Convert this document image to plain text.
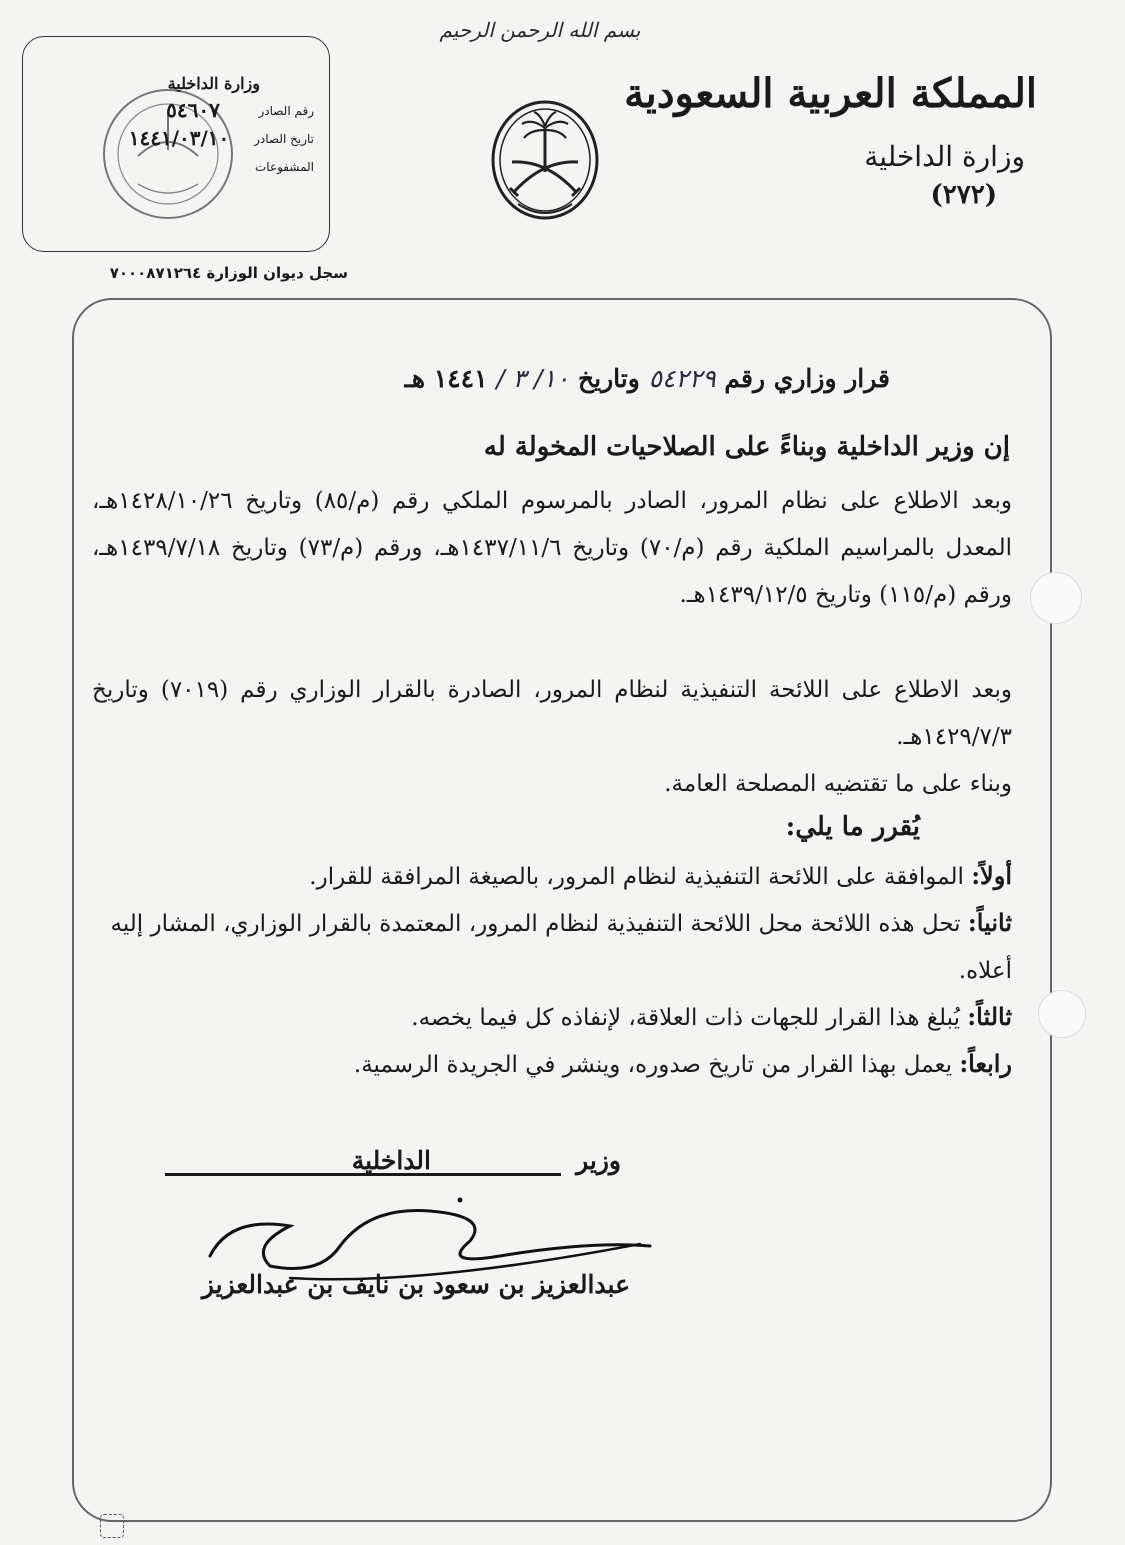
بسم الله الرحمن الرحيم
المملكة العربية السعودية
وزارة الداخلية
(٢٧٢)
وزارة الداخلية
رقم الصادر
تاريخ الصادر
المشفوعات
٥٤٦٠٧
١٤٤١/٠٣/١٠
سجل ديوان الوزارة ٧٠٠٠٨٧١٢٦٤
قرار وزاري رقم ٥٤٢٢٩ وتاريخ ١٠/ ٣ / ١٤٤١ هـ
إن وزير الداخلية وبناءً على الصلاحيات المخولة له
وبعد الاطلاع على نظام المرور، الصادر بالمرسوم الملكي رقم (م/٨٥) وتاريخ ١٤٢٨/١٠/٢٦هـ، المعدل بالمراسيم الملكية رقم (م/٧٠) وتاريخ ١٤٣٧/١١/٦هـ، ورقم (م/٧٣) وتاريخ ١٤٣٩/٧/١٨هـ، ورقم (م/١١٥) وتاريخ ١٤٣٩/١٢/٥هـ.
وبعد الاطلاع على اللائحة التنفيذية لنظام المرور، الصادرة بالقرار الوزاري رقم (٧٠١٩) وتاريخ ١٤٢٩/٧/٣هـ.
وبناء على ما تقتضيه المصلحة العامة.
يُقرر ما يلي:
أولاً: الموافقة على اللائحة التنفيذية لنظام المرور، بالصيغة المرافقة للقرار.
ثانياً: تحل هذه اللائحة محل اللائحة التنفيذية لنظام المرور، المعتمدة بالقرار الوزاري، المشار إليه أعلاه.
ثالثاً: يُبلغ هذا القرار للجهات ذات العلاقة، لإنفاذه كل فيما يخصه.
رابعاً: يعمل بهذا القرار من تاريخ صدوره، وينشر في الجريدة الرسمية.
وزير
الداخلية
عبدالعزيز بن سعود بن نايف بن عبدالعزيز
